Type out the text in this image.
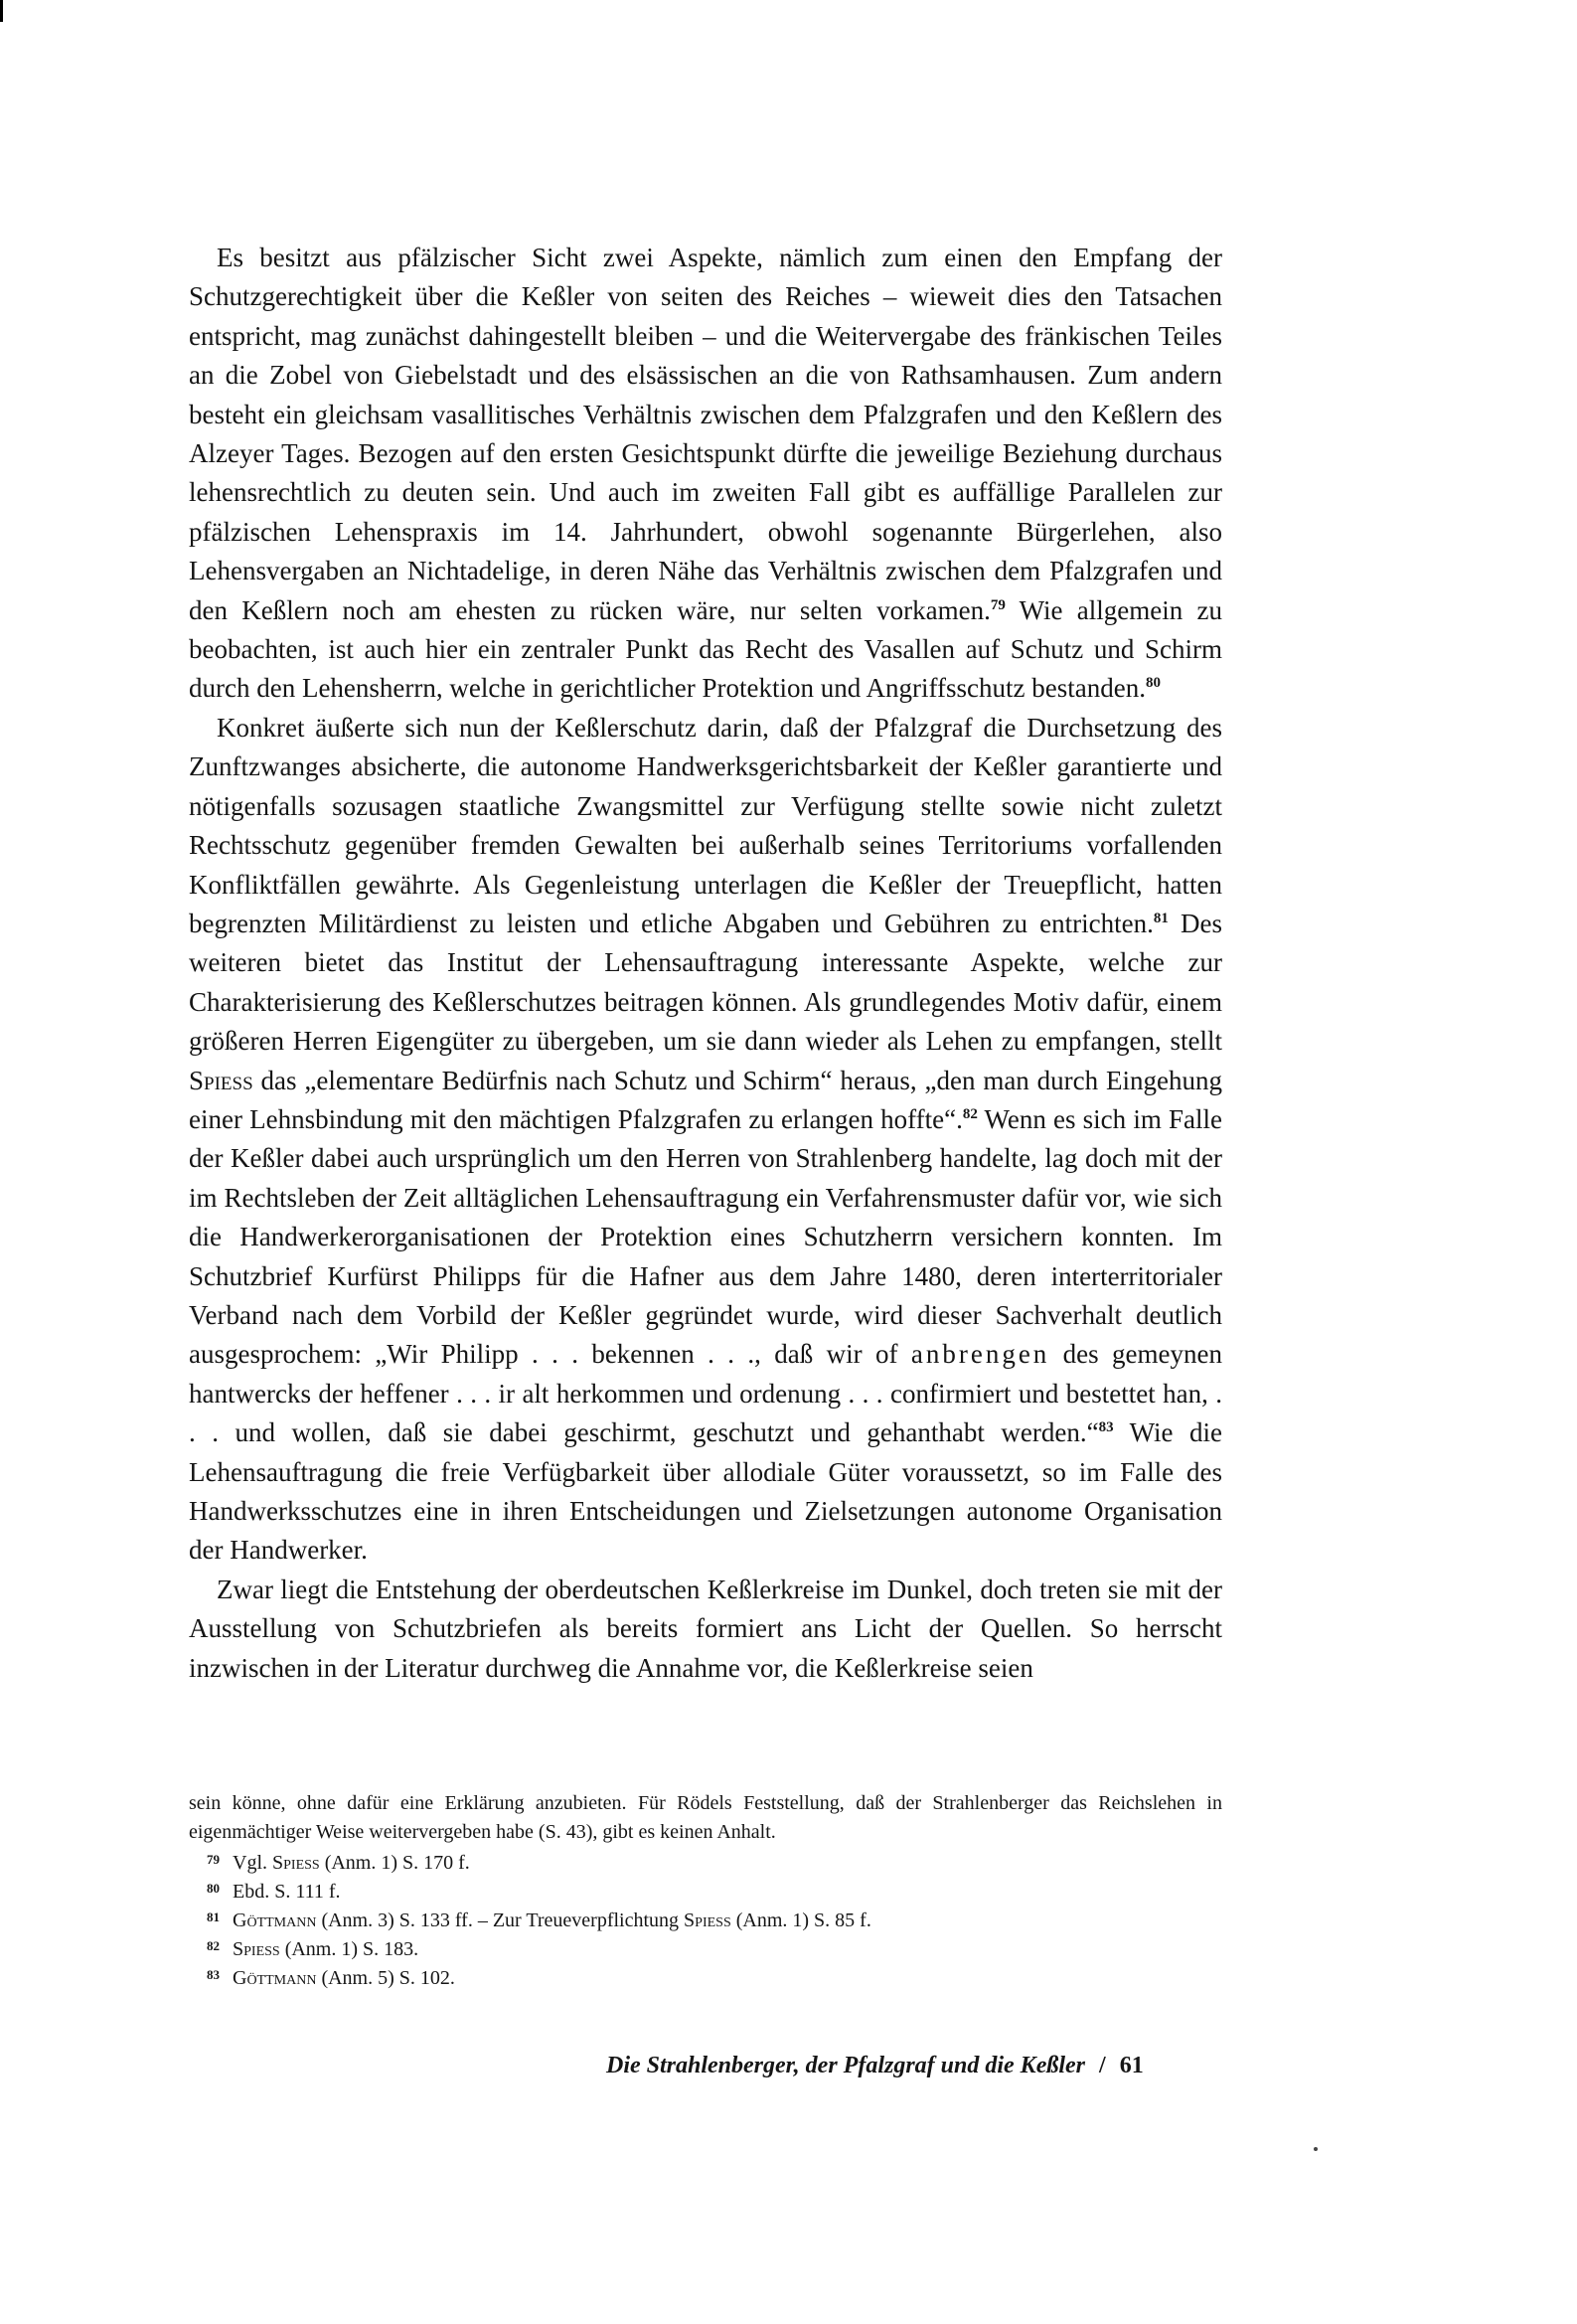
Es besitzt aus pfälzischer Sicht zwei Aspekte, nämlich zum einen den Empfang der Schutzgerechtigkeit über die Keßler von seiten des Reiches – wieweit dies den Tatsachen entspricht, mag zunächst dahingestellt bleiben – und die Weitervergabe des fränkischen Teiles an die Zobel von Giebelstadt und des elsässischen an die von Rathsamhausen. Zum andern besteht ein gleichsam vasallitisches Verhältnis zwischen dem Pfalzgrafen und den Keßlern des Alzeyer Tages. Bezogen auf den ersten Gesichtspunkt dürfte die jeweilige Beziehung durchaus lehensrechtlich zu deuten sein. Und auch im zweiten Fall gibt es auffällige Parallelen zur pfälzischen Lehenspraxis im 14. Jahrhundert, obwohl sogenannte Bürgerlehen, also Lehensvergaben an Nichtadelige, in deren Nähe das Verhältnis zwischen dem Pfalzgrafen und den Keßlern noch am ehesten zu rücken wäre, nur selten vorkamen.$^{79}$ Wie allgemein zu beobachten, ist auch hier ein zentraler Punkt das Recht des Vasallen auf Schutz und Schirm durch den Lehensherrn, welche in gerichtlicher Protektion und Angriffsschutz bestanden.$^{80}$

Konkret äußerte sich nun der Keßlerschutz darin, daß der Pfalzgraf die Durchsetzung des Zunftzwanges absicherte, die autonome Handwerksgerichtsbarkeit der Keßler garantierte und nötigenfalls sozusagen staatliche Zwangsmittel zur Verfügung stellte sowie nicht zuletzt Rechtsschutz gegenüber fremden Gewalten bei außerhalb seines Territoriums vorfallenden Konfliktfällen gewährte. Als Gegenleistung unterlagen die Keßler der Treuepflicht, hatten begrenzten Militärdienst zu leisten und etliche Abgaben und Gebühren zu entrichten.$^{81}$ Des weiteren bietet das Institut der Lehensauftragung interessante Aspekte, welche zur Charakterisierung des Keßlerschutzes beitragen können. Als grundlegendes Motiv dafür, einem größeren Herren Eigengüter zu übergeben, um sie dann wieder als Lehen zu empfangen, stellt Spiess das „elementare Bedürfnis nach Schutz und Schirm“ heraus, „den man durch Eingehung einer Lehnsbindung mit den mächtigen Pfalzgrafen zu erlangen hoffte“.$^{82}$ Wenn es sich im Falle der Keßler dabei auch ursprünglich um den Herren von Strahlenberg handelte, lag doch mit der im Rechtsleben der Zeit alltäglichen Lehensauftragung ein Verfahrensmuster dafür vor, wie sich die Handwerkerorganisationen der Protektion eines Schutzherrn versichern konnten. Im Schutzbrief Kurfürst Philipps für die Hafner aus dem Jahre 1480, deren interterritorialer Verband nach dem Vorbild der Keßler gegründet wurde, wird dieser Sachverhalt deutlich ausgesprochem: „Wir Philipp . . . bekennen . . ., daß wir of anbrengen des gemeynen hantwercks der heffener . . . ir alt herkommen und ordenung . . . confirmiert und bestettet han, . . . und wollen, daß sie dabei geschirmt, geschutzt und gehanthabt werden.“$^{83}$ Wie die Lehensauftragung die freie Verfügbarkeit über allodiale Güter voraussetzt, so im Falle des Handwerksschutzes eine in ihren Entscheidungen und Zielsetzungen autonome Organisation der Handwerker.

Zwar liegt die Entstehung der oberdeutschen Keßlerkreise im Dunkel, doch treten sie mit der Ausstellung von Schutzbriefen als bereits formiert ans Licht der Quellen. So herrscht inzwischen in der Literatur durchweg die Annahme vor, die Keßlerkreise seien

sein könne, ohne dafür eine Erklärung anzubieten. Für Rödels Feststellung, daß der Strahlenberger das Reichslehen in eigenmächtiger Weise weitervergeben habe (S. 43), gibt es keinen Anhalt.

79 Vgl. Spiess (Anm. 1) S. 170 f.
80 Ebd. S. 111 f.
81 Göttmann (Anm. 3) S. 133 ff. – Zur Treueverpflichtung Spiess (Anm. 1) S. 85 f.
82 Spiess (Anm. 1) S. 183.
83 Göttmann (Anm. 5) S. 102.
Die Strahlenberger, der Pfalzgraf und die Keßler / 61
